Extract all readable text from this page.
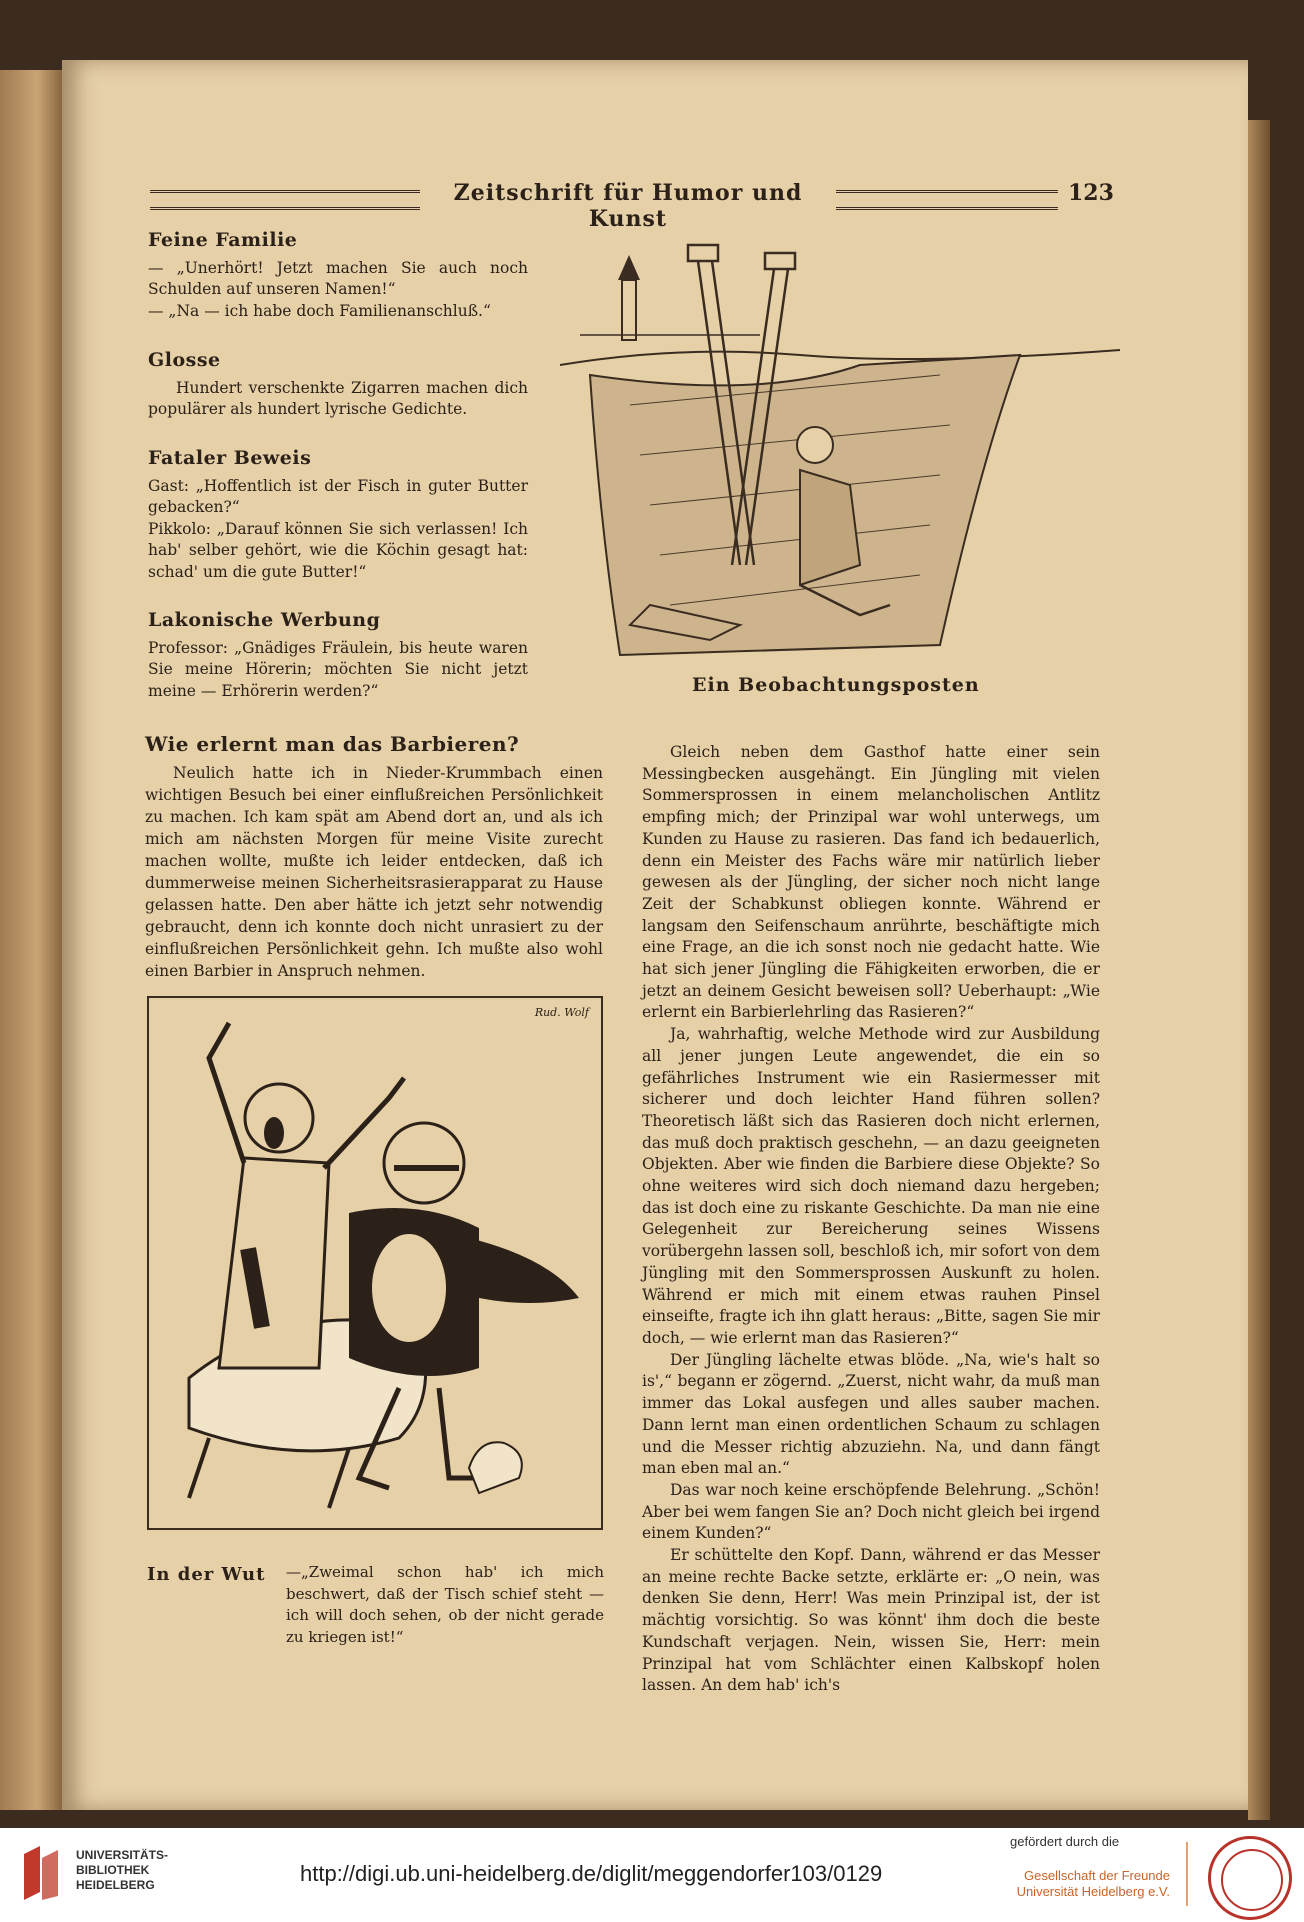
Zeitschrift für Humor und Kunst
123
Feine Familie

— „Unerhört! Jetzt machen Sie auch noch Schulden auf unseren Namen!“

— „Na — ich habe doch Familienanschluß.“

Glosse

Hundert verschenkte Zigarren machen dich populärer als hundert lyrische Gedichte.

Fataler Beweis

Gast: „Hoffentlich ist der Fisch in guter Butter gebacken?“

Pikkolo: „Darauf können Sie sich verlassen! Ich hab' selber gehört, wie die Köchin gesagt hat: schad' um die gute Butter!“

Lakonische Werbung

Professor: „Gnädiges Fräulein, bis heute waren Sie meine Hörerin; möchten Sie nicht jetzt meine — Erhörerin werden?“	Ein Beobachtungsposten
Wie erlernt man das Barbieren?

Neulich hatte ich in Nieder-Krummbach einen wichtigen Besuch bei einer einflußreichen Persönlichkeit zu machen. Ich kam spät am Abend dort an, und als ich mich am nächsten Morgen für meine Visite zurecht machen wollte, mußte ich leider entdecken, daß ich dummerweise meinen Sicherheitsrasierapparat zu Hause gelassen hatte. Den aber hätte ich jetzt sehr notwendig gebraucht, denn ich konnte doch nicht unrasiert zu der einflußreichen Persönlichkeit gehn. Ich mußte also wohl einen Barbier in Anspruch nehmen.

Gleich neben dem Gasthof hatte einer sein Messingbecken ausgehängt. Ein Jüngling mit vielen Sommersprossen in einem melancholischen Antlitz empfing mich; der Prinzipal war wohl unterwegs, um Kunden zu Hause zu rasieren. Das fand ich bedauerlich, denn ein Meister des Fachs wäre mir natürlich lieber gewesen als der Jüngling, der sicher noch nicht lange Zeit der Schabkunst obliegen konnte. Während er langsam den Seifenschaum anrührte, beschäftigte mich eine Frage, an die ich sonst noch nie gedacht hatte. Wie hat sich jener Jüngling die Fähigkeiten erworben, die er jetzt an deinem Gesicht beweisen soll? Ueberhaupt: „Wie erlernt ein Barbierlehrling das Rasieren?“

Ja, wahrhaftig, welche Methode wird zur Ausbildung all jener jungen Leute angewendet, die ein so gefährliches Instrument wie ein Rasiermesser mit sicherer und doch leichter Hand führen sollen? Theoretisch läßt sich das Rasieren doch nicht erlernen, das muß doch praktisch geschehn, — an dazu geeigneten Objekten. Aber wie finden die Barbiere diese Objekte? So ohne weiteres wird sich doch niemand dazu hergeben; das ist doch eine zu riskante Geschichte. Da man nie eine Gelegenheit zur Bereicherung seines Wissens vorübergehn lassen soll, beschloß ich, mir sofort von dem Jüngling mit den Sommersprossen Auskunft zu holen. Während er mich mit einem etwas rauhen Pinsel einseifte, fragte ich ihn glatt heraus: „Bitte, sagen Sie mir doch, — wie erlernt man das Rasieren?“

Der Jüngling lächelte etwas blöde. „Na, wie's halt so is',“ begann er zögernd. „Zuerst, nicht wahr, da muß man immer das Lokal ausfegen und alles sauber machen. Dann lernt man einen ordentlichen Schaum zu schlagen und die Messer richtig abzuziehn. Na, und dann fängt man eben mal an.“

Das war noch keine erschöpfende Belehrung. „Schön! Aber bei wem fangen Sie an? Doch nicht gleich bei irgend einem Kunden?“

Er schüttelte den Kopf. Dann, während er das Messer an meine rechte Backe setzte, erklärte er: „O nein, was denken Sie denn, Herr! Was mein Prinzipal ist, der ist mächtig vorsichtig. So was könnt' ihm doch die beste Kundschaft verjagen. Nein, wissen Sie, Herr: mein Prinzipal hat vom Schlächter einen Kalbskopf holen lassen. An dem hab' ich's

Rud. Wolf
In der Wut —„Zweimal schon hab' ich mich beschwert, daß der Tisch schief steht — ich will doch sehen, ob der nicht gerade zu kriegen ist!“

UNIVERSITÄTS-
BIBLIOTHEK
HEIDELBERG	http://digi.ub.uni-heidelberg.de/diglit/meggendorfer103/0129
gefördert durch die
Gesellschaft der Freunde
Universität Heidelberg e.V.
